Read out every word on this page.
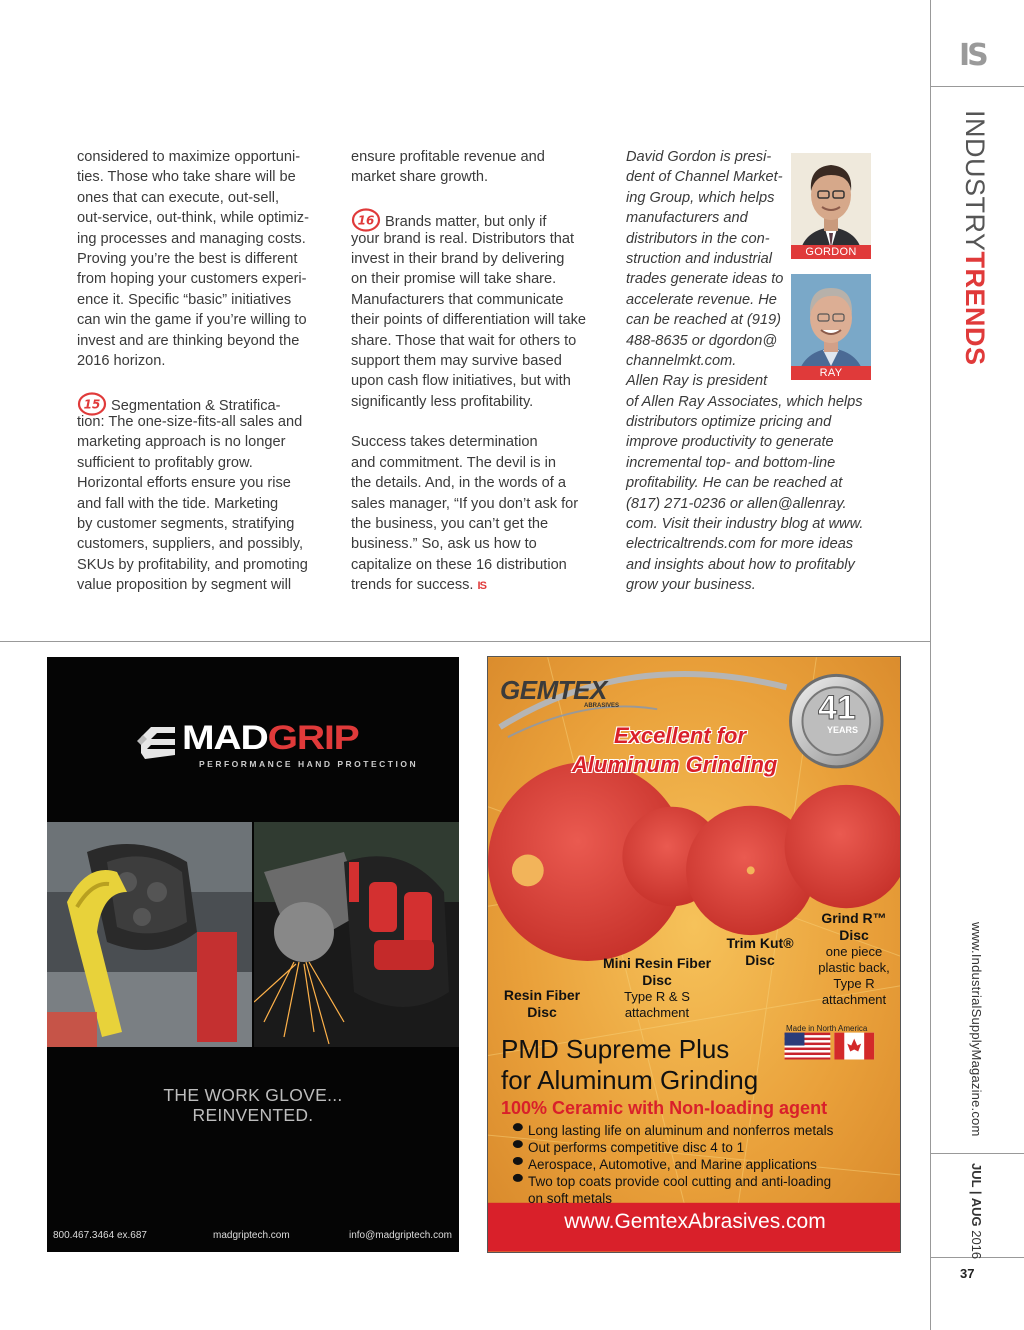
IS
INDUSTRYTRENDS
www.IndustrialSupplyMagazine.com
JUL | AUG 2016
37
considered to maximize opportuni-
ties. Those who take share will be
ones that can execute, out-sell,
out-service, out-think, while optimiz-
ing processes and managing costs.
Proving you’re the best is different
from hoping your customers experi-
ence it. Specific “basic” initiatives
can win the game if you’re willing to
invest and are thinking beyond the
2016 horizon.
15 Segmentation & Stratifica-
tion: The one-size-fits-all sales and
marketing approach is no longer
sufficient to profitably grow.
Horizontal efforts ensure you rise
and fall with the tide. Marketing
by customer segments, stratifying
customers, suppliers, and possibly,
SKUs by profitability, and promoting
value proposition by segment will
ensure profitable revenue and
market share growth.
16 Brands matter, but only if
your brand is real. Distributors that
invest in their brand by delivering
on their promise will take share.
Manufacturers that communicate
their points of differentiation will take
share. Those that wait for others to
support them may survive based
upon cash flow initiatives, but with
significantly less profitability.
Success takes determination
and commitment. The devil is in
the details. And, in the words of a
sales manager, “If you don’t ask for
the business, you can’t get the
business.” So, ask us how to
capitalize on these 16 distribution
trends for success. IS
David Gordon is presi-
dent of Channel Market-
ing Group, which helps
manufacturers and
distributors in the con-
struction and industrial
trades generate ideas to
accelerate revenue. He
can be reached at (919)
488-8635 or dgordon@
channelmkt.com.
Allen Ray is president
of Allen Ray Associates, which helps
distributors optimize pricing and
improve productivity to generate
incremental top- and bottom-line
profitability. He can be reached at
(817) 271-0236 or allen@allenray.
com. Visit their industry blog at www.
electricaltrends.com for more ideas
and insights about how to profitably
grow your business.
GORDON
RAY
MADGRIP
PERFORMANCE HAND PROTECTION
THE WORK GLOVE...
REINVENTED.
800.467.3464 ex.687	madgriptech.com	info@madgriptech.com
GEMTEX
ABRASIVES	41
YEARS
Excellent for
Aluminum Grinding
Resin Fiber
Disc
Mini Resin Fiber
Disc
Type R & S
attachment
Trim Kut®
Disc
Grind R™
Disc
one piece
plastic back,
Type R
attachment
Made in North America
PMD Supreme Plus
for Aluminum Grinding
100% Ceramic with Non-loading agent
Long lasting life on aluminum and nonferros metals
Out performs competitive disc 4 to 1
Aerospace, Automotive, and Marine applications
Two top coats provide cool cutting and anti-loading
on soft metals
www.GemtexAbrasives.com
